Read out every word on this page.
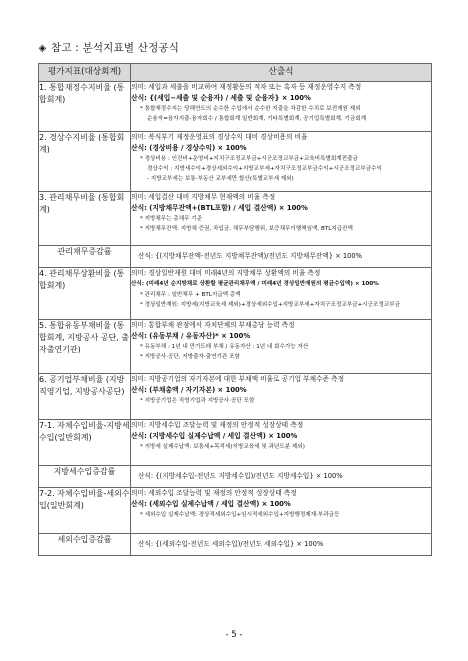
◈ 참고 : 분석지표별 산정공식
평가지표(대상회계)	산출식
1. 통합재정수지비율 (통합회계)	의미: 세입과 세출을 비교하여 재정활동의 적자 또는 흑자 등 재정운영수지 측정
산식: {(세입−세출 및 순융자) / 세출 및 순융자} × 100%
* 통합재정수지는 당해연도의 순수한 수입에서 순수한 지출을 차감한 수치로 보전재원 제외
순융자=융자지출-융자회수 / 통합회계 일반회계, 기타특별회계, 공기업특별회계, 기금회계

2. 경상수지비율 (통합회계)	의미: 복식부기 재정운영표의 경상수익 대비 경상비용의 비율
산식: (경상비용 / 경상수익) × 100%
* 경상비용 : 인건비+운영비+지치구조정교부금+시군조정교부금+교육비특별회계전출금
경상수익 : 지방세수익+경상세외수익+지방교부세+자치구조정교부금수익+시군조정교부금수익
- 지방교부세는 보통·부동산 교부세만 합산(특별교부세 제외)

3. 관리채무비율 (통합회계)	의미: 세입결산 대비 지방채무 현재액의 비율 측정
산식: (지방채무잔액+(BTL포함) / 세입 결산액) × 100%
* 지방채무는 총채무 기준
* 지방채무잔액: 지방채 증권, 차입금, 채무부담행위, 보증채무이행책임액, BTL지급잔액

관리채무증감률	산식: {(지방채무잔액-전년도 지방채무잔액)/전년도 지방채무잔액} × 100%

4. 관리채무상환비율 (통합회계)	의미: 경상일반재원 대비 미래4년의 지방채무 상환액의 비율 측정
산식: (미래4년 순지방채로 상환할 평균관리채무액 / 미래4년 경상일반재원의 평균수입액) × 100%
* 관리채무 : 일반채무 + BTL지급액 총액
* 경상일반재원: 지방세(지방교육세 제외)+경상세외수입+지방교부세+자치구조정교부금+시군조정교부금

5. 통합유동부채비율 (통합회계, 지방공사 공단, 출자출연기관)	의미: 통합부채 관점에서 자치단체의 부채총당 능력 측정
산식: (유동부채 / 유동자산)* × 100%
* 유동부채 : 1년 내 만기도래 부채 / 유동자산 : 1년 내 회수가능 자산
* 지방공사·공단, 지방출자·출연기관 포함

6. 공기업부채비율 (지방직영기업, 지방공사공단)	의미: 지방공기업의 자기자본에 대한 부채액 비율로 공기업 부채수준 측정
산식: (부채총액 / 자기자본) × 100%
* 지방공기업은 직영기업과 지방공사·공단 포함

7-1. 자체수입비율-지방세수입(일반회계)	의미: 지방세수입 조달능력 및 재정의 안정적 성장상태 측정
산식: (지방세수입 실제수납액 / 세입 결산액) × 100%
* 지방세 실제수납액: 보통세+목적세(지방교육세 및 과년도분 제외)

지방세수입증감률	산식: {(지방세수입-전년도 지방세수입)/전년도 지방세수입} × 100%

7-2. 자체수입비율-세외수입(일반회계)	의미: 세외수입 조달능력 및 재정의 안정적 성장상태 측정
산식: (세외수입 실제수납액 / 세입 결산액) × 100%
* 세외수입 실제수납액: 경상적세외수입+임시적세외수입+지방행정제재·부과금등

세외수입증감률	산식: {(세외수입-전년도 세외수입)/전년도 세외수입} × 100%
- 5 -
